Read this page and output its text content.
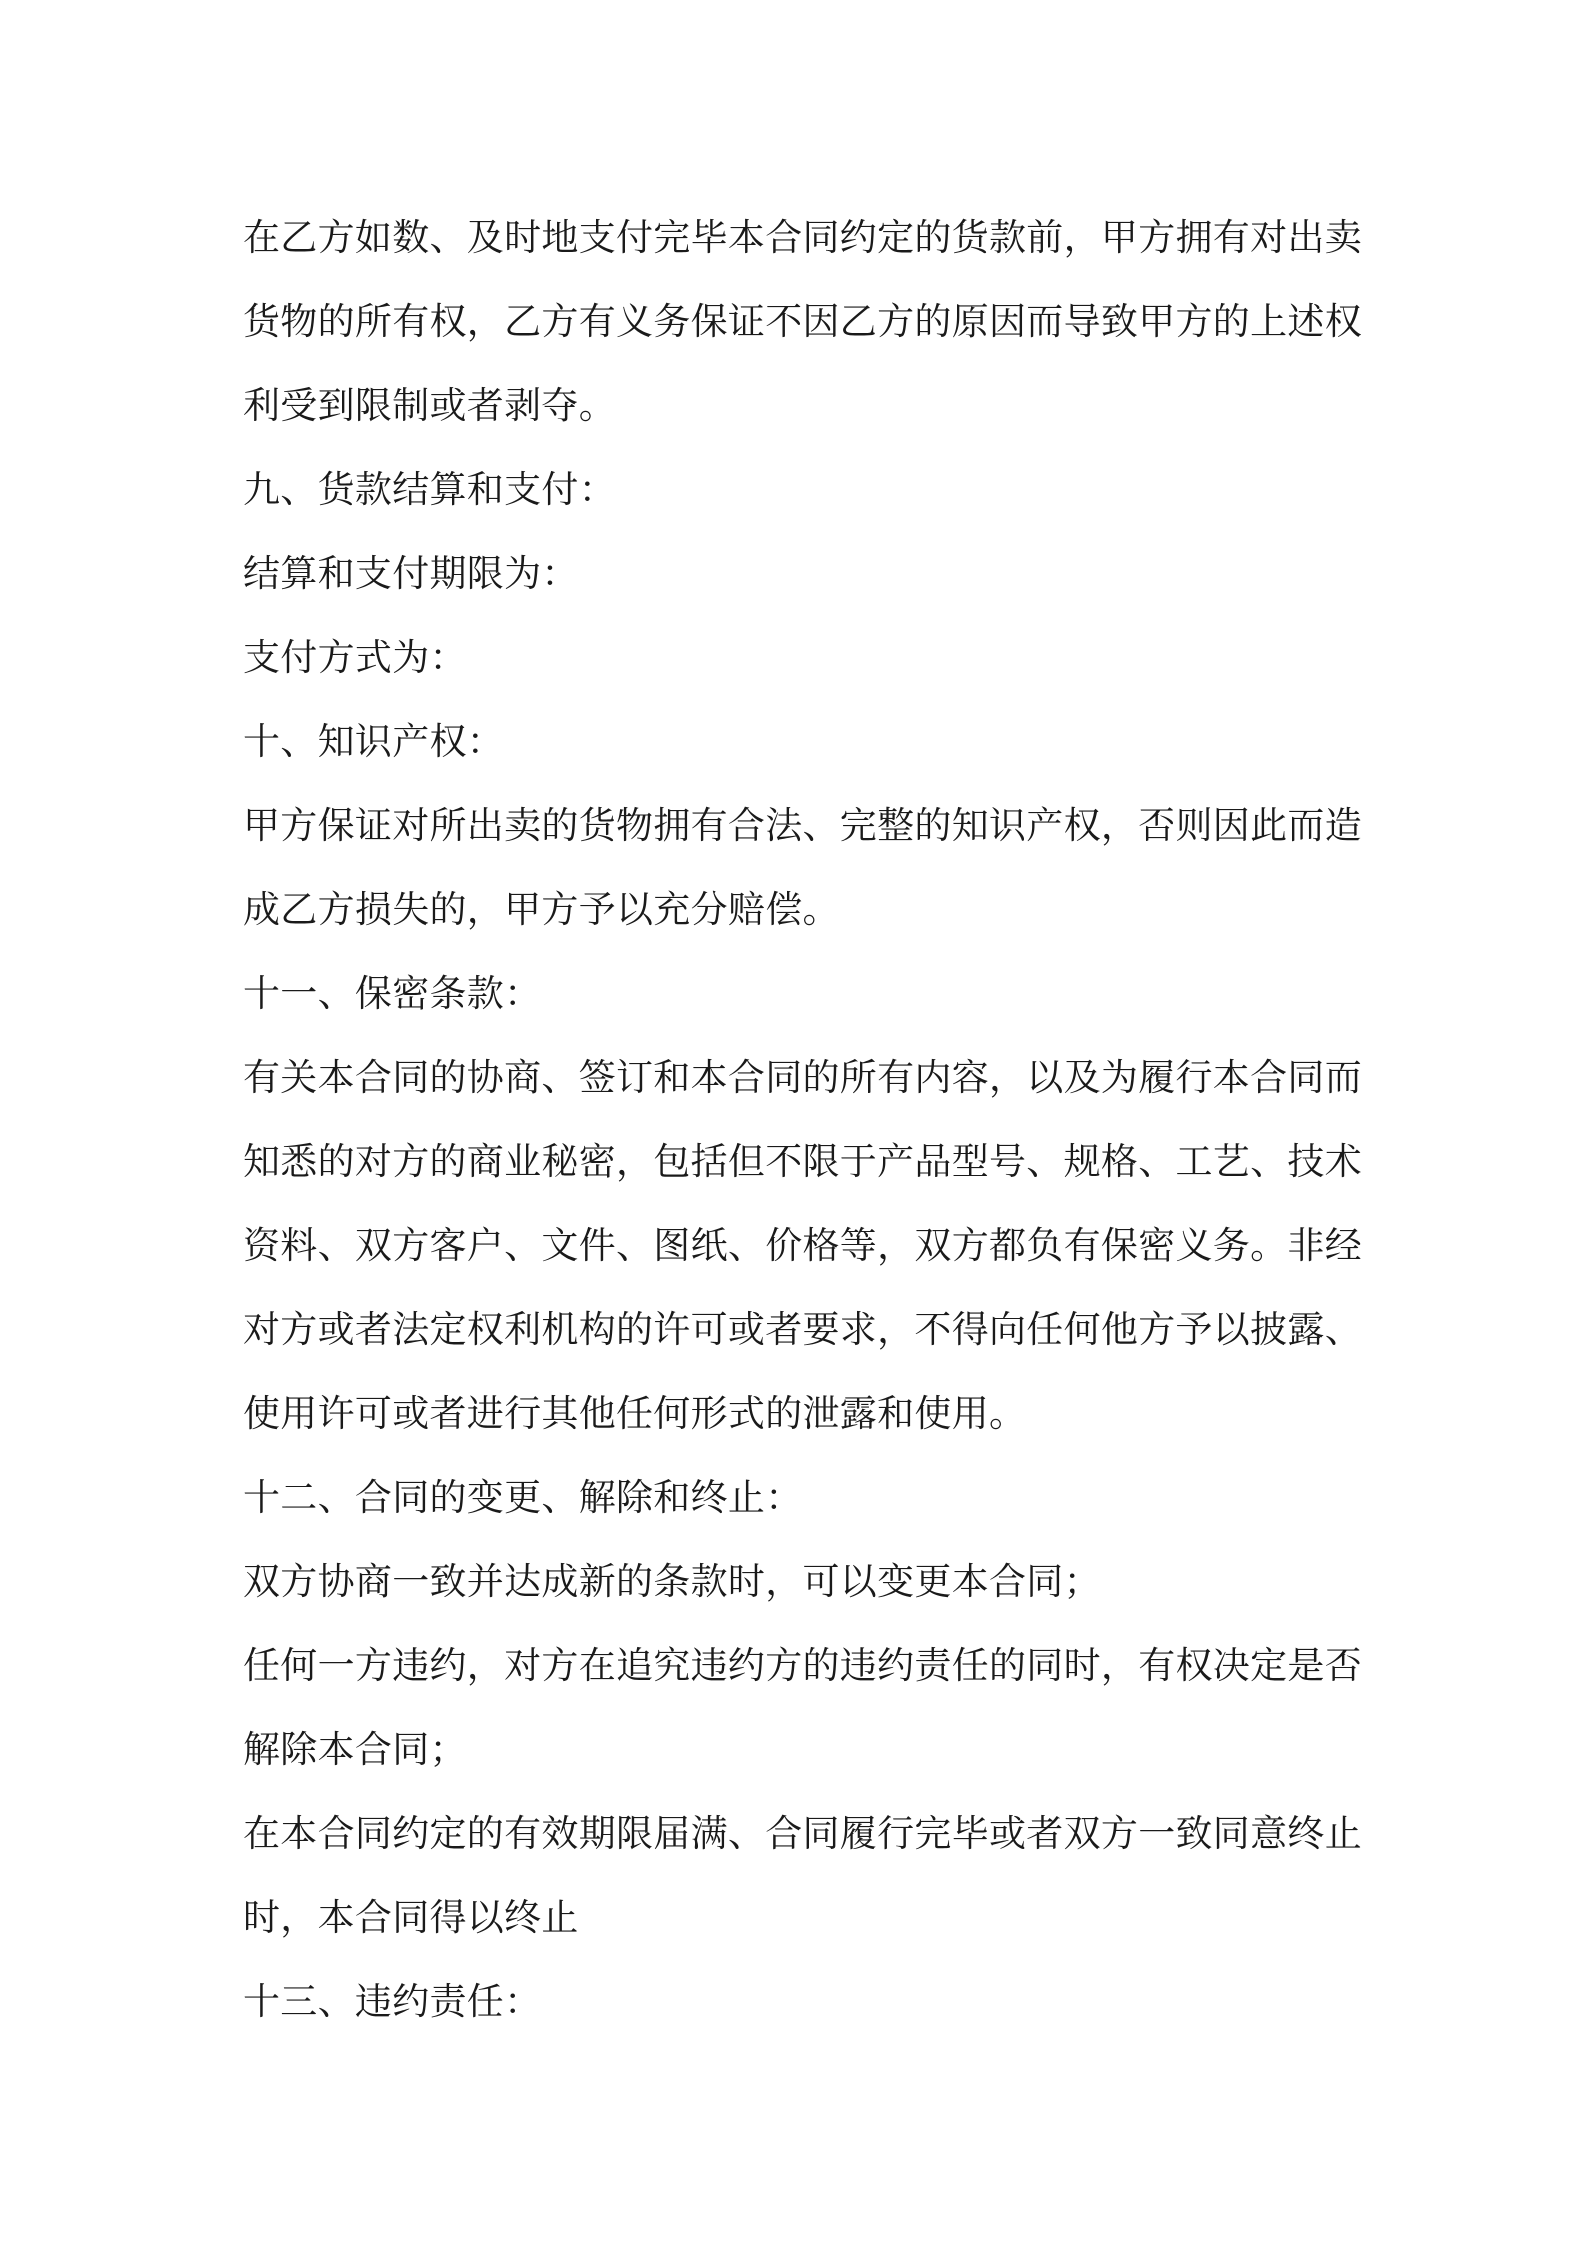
在乙方如数、及时地支付完毕本合同约定的货款前，甲方拥有对出卖
货物的所有权，乙方有义务保证不因乙方的原因而导致甲方的上述权
利受到限制或者剥夺。
九、货款结算和支付：
结算和支付期限为：
支付方式为：
十、知识产权：
甲方保证对所出卖的货物拥有合法、完整的知识产权，否则因此而造
成乙方损失的，甲方予以充分赔偿。
十一、保密条款：
有关本合同的协商、签订和本合同的所有内容，以及为履行本合同而
知悉的对方的商业秘密，包括但不限于产品型号、规格、工艺、技术
资料、双方客户、文件、图纸、价格等，双方都负有保密义务。非经
对方或者法定权利机构的许可或者要求，不得向任何他方予以披露、
使用许可或者进行其他任何形式的泄露和使用。
十二、合同的变更、解除和终止：
双方协商一致并达成新的条款时，可以变更本合同；
任何一方违约，对方在追究违约方的违约责任的同时，有权决定是否
解除本合同；
在本合同约定的有效期限届满、合同履行完毕或者双方一致同意终止
时，本合同得以终止
十三、违约责任：
